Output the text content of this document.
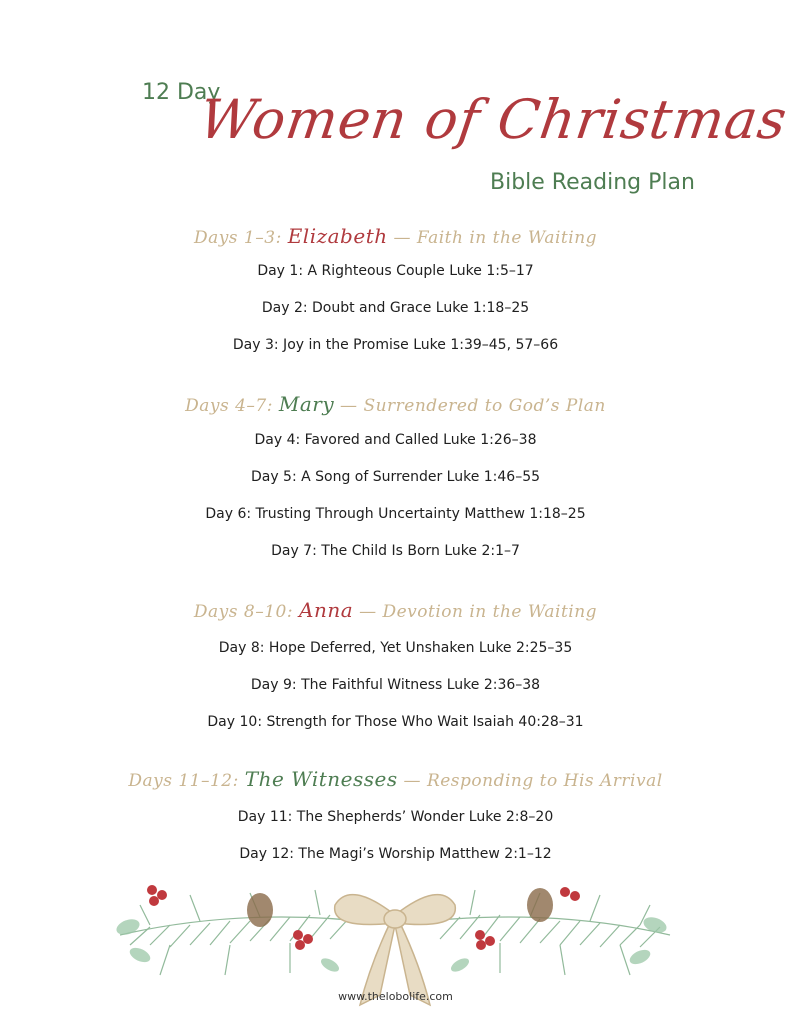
12 Day
Women of Christmas
Bible Reading Plan
Days 1–3: Elizabeth — Faith in the Waiting
Day 1: A Righteous Couple Luke 1:5–17
Day 2: Doubt and Grace Luke 1:18–25
Day 3: Joy in the Promise Luke 1:39–45, 57–66
Days 4–7: Mary — Surrendered to God’s Plan
Day 4: Favored and Called Luke 1:26–38
Day 5: A Song of Surrender Luke 1:46–55
Day 6: Trusting Through Uncertainty Matthew 1:18–25
Day 7: The Child Is Born Luke 2:1–7
Days 8–10: Anna — Devotion in the Waiting
Day 8: Hope Deferred, Yet Unshaken Luke 2:25–35
Day 9: The Faithful Witness Luke 2:36–38
Day 10: Strength for Those Who Wait Isaiah 40:28–31
Days 11–12: The Witnesses — Responding to His Arrival
Day 11: The Shepherds’ Wonder Luke 2:8–20
Day 12: The Magi’s Worship Matthew 2:1–12
www.thelobolife.com
